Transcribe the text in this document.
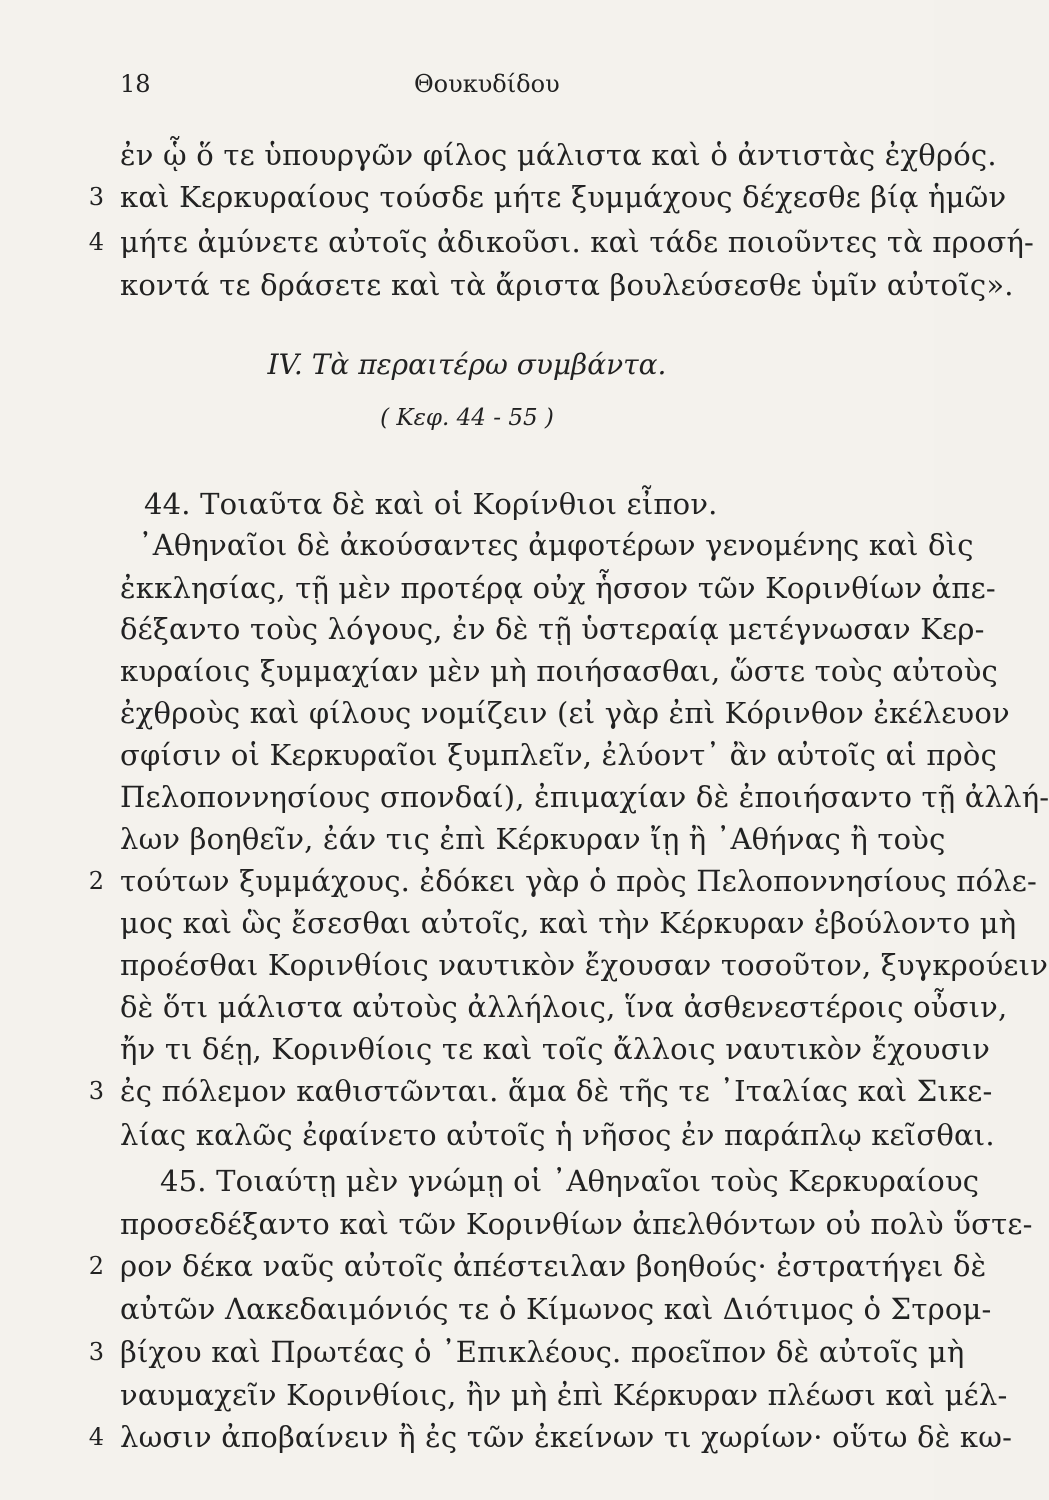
18	Θουκυδίδου
IV. Τὰ περαιτέρω συμβάντα.
( Κεφ. 44 - 55 )
ἐν ᾧ ὅ τε ὑπουργῶν φίλος μάλιστα καὶ ὁ ἀντιστὰς ἐχθρός.
καὶ Κερκυραίους τούσδε μήτε ξυμμάχους δέχεσθε βίᾳ ἡμῶν
3
μήτε ἀμύνετε αὐτοῖς ἀδικοῦσι. καὶ τάδε ποιοῦντες τὰ προσή-
4
κοντά τε δράσετε καὶ τὰ ἄριστα βουλεύσεσθε ὑμῖν αὐτοῖς».
44. Τοιαῦτα δὲ καὶ οἱ Κορίνθιοι εἶπον.
᾿Αθηναῖοι δὲ ἀκούσαντες ἀμφοτέρων γενομένης καὶ δὶς
ἐκκλησίας, τῇ μὲν προτέρᾳ οὐχ ἧσσον τῶν Κορινθίων ἀπε-
δέξαντο τοὺς λόγους, ἐν δὲ τῇ ὑστεραίᾳ μετέγνωσαν Κερ-
κυραίοις ξυμμαχίαν μὲν μὴ ποιήσασθαι, ὥστε τοὺς αὐτοὺς
ἐχθροὺς καὶ φίλους νομίζειν (εἰ γὰρ ἐπὶ Κόρινθον ἐκέλευον
σφίσιν οἱ Κερκυραῖοι ξυμπλεῖν, ἐλύοντ᾿ ἂν αὐτοῖς αἱ πρὸς
Πελοποννησίους σπονδαί), ἐπιμαχίαν δὲ ἐποιήσαντο τῇ ἀλλή-
λων βοηθεῖν, ἐάν τις ἐπὶ Κέρκυραν ἴῃ ἢ ᾿Αθήνας ἢ τοὺς
τούτων ξυμμάχους. ἐδόκει γὰρ ὁ πρὸς Πελοποννησίους πόλε-
2
μος καὶ ὣς ἔσεσθαι αὐτοῖς, καὶ τὴν Κέρκυραν ἐβούλοντο μὴ
προέσθαι Κορινθίοις ναυτικὸν ἔχουσαν τοσοῦτον, ξυγκρούειν
δὲ ὅτι μάλιστα αὐτοὺς ἀλλήλοις, ἵνα ἀσθενεστέροις οὖσιν,
ἤν τι δέῃ, Κορινθίοις τε καὶ τοῖς ἄλλοις ναυτικὸν ἔχουσιν
ἐς πόλεμον καθιστῶνται. ἅμα δὲ τῆς τε ᾿Ιταλίας καὶ Σικε-
3
λίας καλῶς ἐφαίνετο αὐτοῖς ἡ νῆσος ἐν παράπλῳ κεῖσθαι.
45. Τοιαύτῃ μὲν γνώμῃ οἱ ᾿Αθηναῖοι τοὺς Κερκυραίους
προσεδέξαντο καὶ τῶν Κορινθίων ἀπελθόντων οὐ πολὺ ὕστε-
ρον δέκα ναῦς αὐτοῖς ἀπέστειλαν βοηθούς· ἐστρατήγει δὲ
2
αὐτῶν Λακεδαιμόνιός τε ὁ Κίμωνος καὶ Διότιμος ὁ Στρομ-
βίχου καὶ Πρωτέας ὁ ᾿Επικλέους. προεῖπον δὲ αὐτοῖς μὴ
3
ναυμαχεῖν Κορινθίοις, ἢν μὴ ἐπὶ Κέρκυραν πλέωσι καὶ μέλ-
λωσιν ἀποβαίνειν ἢ ἐς τῶν ἐκείνων τι χωρίων· οὕτω δὲ κω-
4
